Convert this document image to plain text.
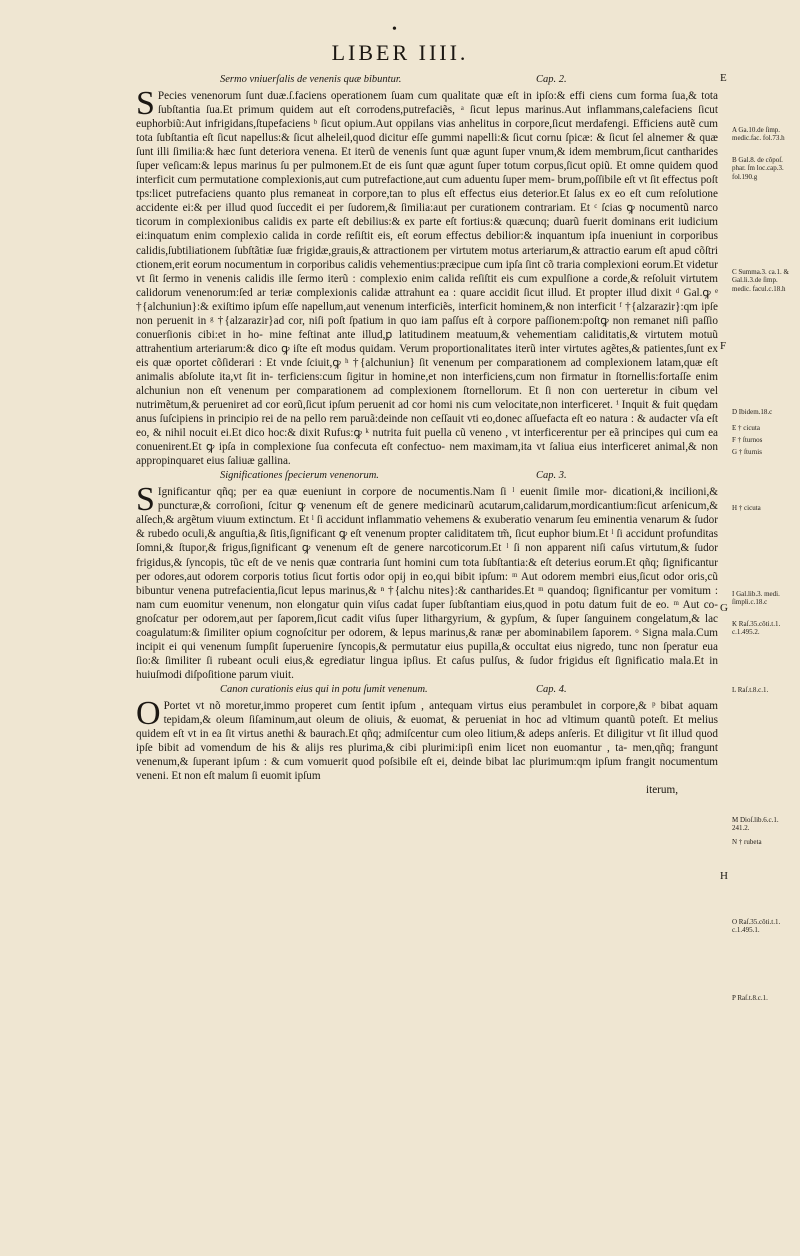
•
LIBER IIII.
Sermo vniuerſalis de venenis quæ bibuntur.	Cap. 2.

S Pecies venenorum ſunt duæ.ſ.faciens operationem ſuam cum qualitate quæ eſt in ipſo:& effi ciens cum forma ſua,& tota ſubſtantia ſua.Et primum quidem aut eſt corrodens,putrefaciẽs, ᵃ ſicut lepus marinus.Aut inflammans,calefaciens ſicut euphorbiũ:Aut infrigidans,ſtupefaciens ᵇ ſicut opium.Aut oppilans vias anhelitus in corpore,ſicut merdafengi. Efficiens autẽ cum tota ſubſtantia eſt ſicut napellus:& ſicut alheleil,quod dicitur eſſe gummi napelli:& ſicut cornu ſpicæ: & ſicut ſel alnemer & quæ ſunt illi ſimilia:& hæc ſunt deteriora venena. Et iterũ de venenis ſunt quæ agunt ſuper vnum,& idem membrum,ſicut cantharides ſuper veſicam:& lepus marinus ſu per pulmonem.Et de eis ſunt quæ agunt ſuper totum corpus,ſicut opiũ. Et omne quidem quod interficit cum permutatione complexionis,aut cum putrefactione,aut cum aduentu ſuper mem- brum,poſſibile eſt vt ſit effectus poſt tps:licet putrefaciens quanto plus remaneat in corpore,tan to plus eſt effectus eius deterior.Et ſalus ex eo eſt cum reſolutione accidente ei:& per illud quod ſuccedit ei per ſudorem,& ſimilia:aut per curationem contrariam. Et ᶜ ſcias ꝙ nocumentũ narco ticorum in complexionibus calidis ex parte eſt debilius:& ex parte eſt fortius:& quæcunq; duarũ fuerit dominans erit iudicium ei:inquatum enim complexio calida in corde reſiſtit eis, eſt eorum effectus debilior:& inquantum ipſa inueniunt in corporibus calidis,ſubtiliationem ſubſtãtiæ ſuæ frigidæ,grauis,& attractionem per virtutem motus arteriarum,& attractio earum eſt apud cõſtri ctionem,erit eorum nocumentum in corporibus calidis vehementius:præcipue cum ipſa ſint cõ traria complexioni eorum.Et videtur vt ſit ſermo in venenis calidis ille ſermo iterũ : complexio enim calida reſiſtit eis cum expulſione a corde,& reſoluit virtutem calidorum venenorum:ſed ar teriæ complexionis calidæ attrahunt ea : quare accidit ſicut illud. Et propter illud dixit ᵈ Gal.ꝙ ᵉ †{alchuniun}:& exiſtimo ipſum eſſe napellum,aut venenum interficiẽs, interficit hominem,& non interficit ᶠ †{alzarazir}:qm ipſe non peruenit in ᵍ †{alzarazir}ad cor, niſi poſt ſpatium in quo iam paſſus eſt à corpore paſſionem:poſtꝙ non remanet niſi paſſio conuerſionis cibi:et in ho- mine feſtinat ante illud,ꝑ latitudinem meatuum,& vehementiam caliditatis,& virtutem motuũ attrahentium arteriarum:& dico ꝙ iſte eſt modus quidam. Verum proportionalitates iterũ inter virtutes agẽtes,& patientes,ſunt ex eis quæ oportet cõſiderari : Et vnde ſciuit,ꝙ ʰ †{alchuniun} ſit venenum per comparationem ad complexionem latam,quæ eſt animalis abſolute ita,vt ſit in- terficiens:cum ſigitur in homine,et non interficiens,cum non firmatur in ſtornellis:fortaſſe enim alchuniun non eſt venenum per comparationem ad complexionem ſtornellorum. Et ſi non con uerteretur in cibum vel nutrimẽtum,& perueniret ad cor eorũ,ſicut ipſum peruenit ad cor homi nis cum velocitate,non interficeret. ⁱ Inquit & fuit quędam anus ſuſcipiens in principio rei de na pello rem paruã:deinde non ceſſauit vti eo,donec aſſuefacta eſt eo natura : & audacter vſa eſt eo, & nihil nocuit ei.Et dico hoc:& dixit Rufus:ꝙ ᵏ nutrita fuit puella cũ veneno , vt interficerentur per eã principes qui cum ea conuenirent.Et ꝙ ipſa in complexione ſua confecuta eſt confectuo- nem maximam,ita vt ſaliua eius interficeret animal,& non appropinquaret eius ſaliuæ gallina.

Significationes ſpecierum venenorum.	Cap. 3.

S Ignificantur qñq; per ea quæ eueniunt in corpore de nocumentis.Nam ſi ˡ euenit ſimile mor- dicationi,& incilioni,& puncturæ,& corroſioni, ſcitur ꝙ venenum eſt de genere medicinarũ acutarum,calidarum,mordicantium:ſicut arſenicum,& alſech,& argẽtum viuum extinctum. Et ˡ ſi accidunt inflammatio vehemens & exuberatio venarum ſeu eminentia venarum & ſudor & rubedo oculi,& anguſtia,& ſitis,ſignificant ꝙ eſt venenum propter caliditatem tm̃, ſicut euphor bium.Et ˡ ſi accidunt profunditas ſomni,& ſtupor,& frigus,ſignificant ꝙ venenum eſt de genere narcoticorum.Et ˡ ſi non apparent niſi caſus virtutum,& ſudor frigidus,& ſyncopis, tũc eſt de ve nenis quæ contraria ſunt homini cum tota ſubſtantia:& eſt deterius eorum.Et qñq; ſignificantur per odores,aut odorem corporis totius ſicut fortis odor opij in eo,qui bibit ipſum: ᵐ Aut odorem membri eius,ſicut odor oris,cũ bibuntur venena putrefacientia,ſicut lepus marinus,& ⁿ †{alchu nites}:& cantharides.Et ᵐ quandoq; ſignificantur per vomitum : nam cum euomitur venenum, non elongatur quin viſus cadat ſuper ſubſtantiam eius,quod in potu datum fuit de eo. ᵐ Aut co- gnoſcatur per odorem,aut per ſaporem,ſicut cadit viſus ſuper lithargyrium, & gypſum, & ſuper ſanguinem congelatum,& lac coagulatum:& ſimiliter opium cognoſcitur per odorem, & lepus marinus,& ranæ per abominabilem ſaporem. ᵒ Signa mala.Cum incipit ei qui venenum ſumpſit ſuperuenire ſyncopis,& permutatur eius pupilla,& occultat eius nigredo, tunc non ſperatur eua ſio:& ſimiliter ſi rubeant oculi eius,& egrediatur lingua ipſius. Et caſus pulſus, & ſudor frigidus eſt ſignificatio mala.Et in huiuſmodi diſpoſitione parum viuit.

Canon curationis eius qui in potu ſumit venenum.	Cap. 4.

O Portet vt nõ moretur,immo properet cum ſentit ipſum , antequam virtus eius perambulet in corpore,& ᵖ bibat aquam tepidam,& oleum ſiſaminum,aut oleum de oliuis, & euomat, & perueniat in hoc ad vltimum quantũ poteſt. Et melius quidem eſt vt in ea ſit virtus anethi & baurach.Et qñq; admiſcentur cum oleo litium,& adeps anſeris. Et diligitur vt ſit illud quod ipſe bibit ad vomendum de his & alijs res plurima,& cibi plurimi:ipſi enim licet non euomantur , ta- men,qñq; frangunt venenum,& ſuperant ipſum : & cum vomuerit quod poſsibile eſt ei, deinde bibat lac plurimum:qm ipſum frangit nocumentum veneni. Et non eſt malum ſi euomit ipſum

iterum,
E
F
G
H
A Ga.10.de ſimp. medic.fac. fol.73.h
B Gal.8. de cõpoſ. phar. ſm loc.cap.3. fol.190.g
C Summa.3. ca.1. & Gal.li.3.de ſimp. medic. facul.c.18.h
D Ibidem.18.c
E † cicuta
F † ſturnos
G † ſturnis
H † cicuta
I Gal.lib.3. medi. ſimpli.c.18.c
K Raſ.35.cõti.t.1. c.1.495.2.
L Raſ.t.8.c.1.
M Dioſ.lib.6.c.1. 241.2.
N † rubeta
O Raſ.35.cõti.t.1. c.1.495.1.
P Raſ.t.8.c.1.
